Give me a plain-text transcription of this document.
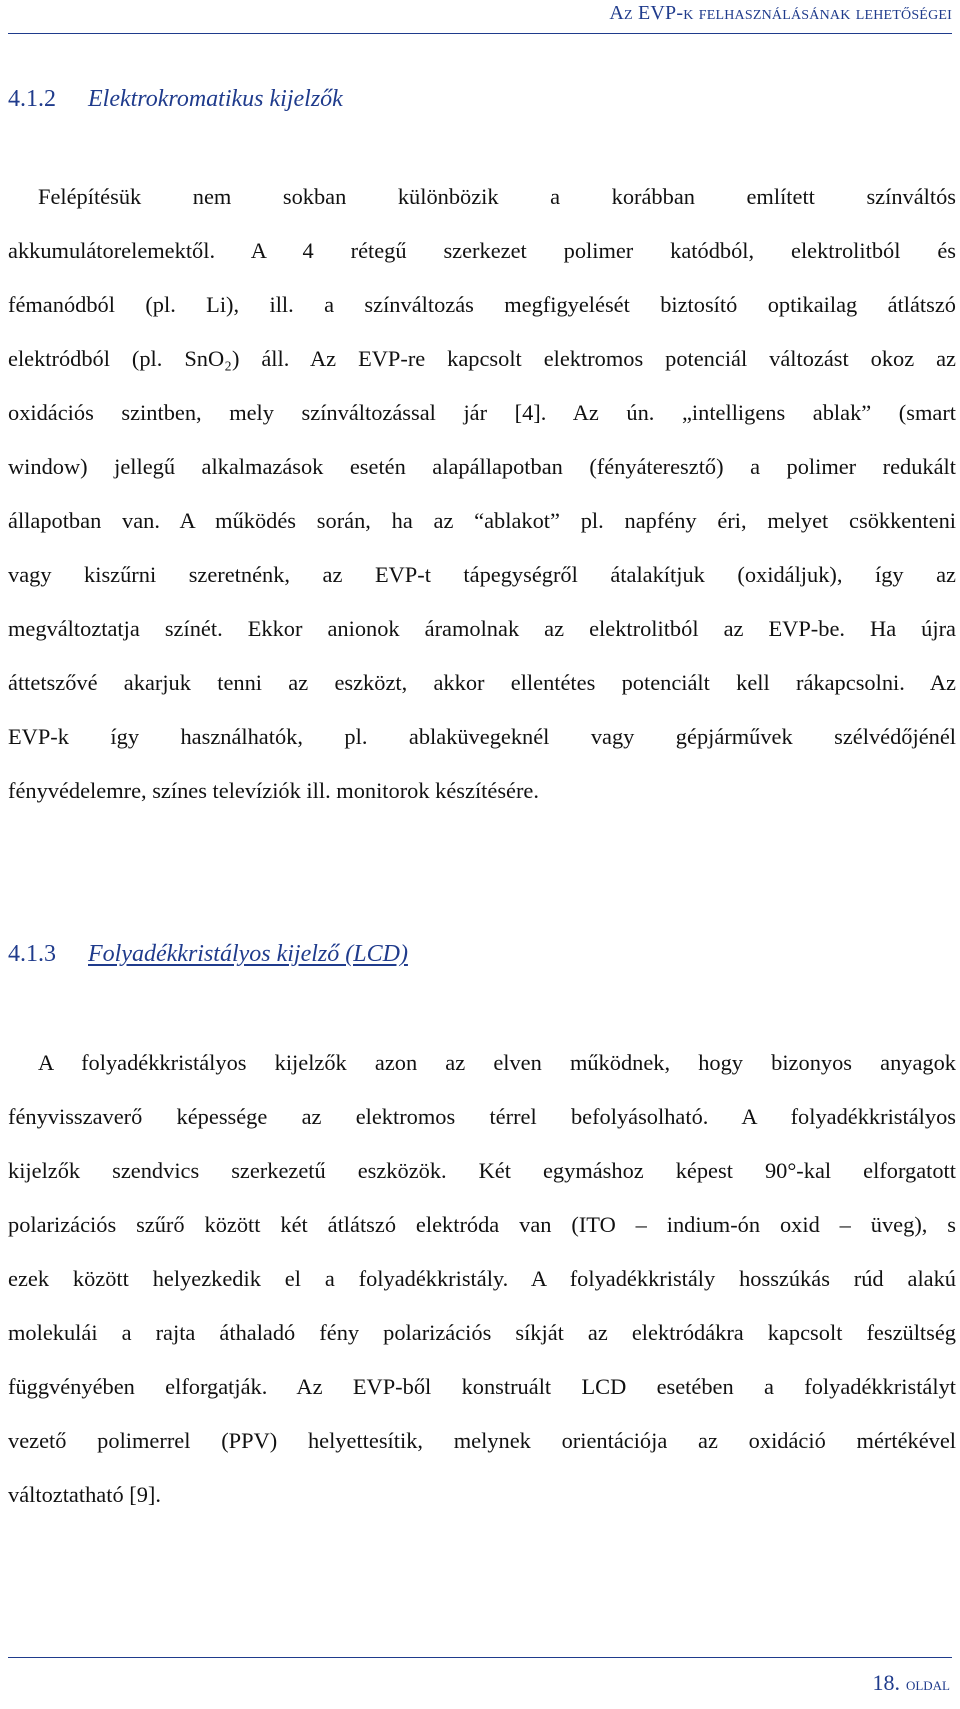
Az EVP-k felhasználásának lehetőségei
4.1.2 Elektrokromatikus kijelzők
Felépítésük nem sokban különbözik a korábban említett színváltós
akkumulátorelemektől. A 4 rétegű szerkezet polimer katódból, elektrolitból és
fémanódból (pl. Li), ill. a színváltozás megfigyelését biztosító optikailag átlátszó
elektródból (pl. SnO₂) áll. Az EVP-re kapcsolt elektromos potenciál változást okoz az
oxidációs szintben, mely színváltozással jár [4]. Az ún. „intelligens ablak” (smart
window) jellegű alkalmazások esetén alapállapotban (fényáteresztő) a polimer redukált
állapotban van. A működés során, ha az “ablakot” pl. napfény éri, melyet csökkenteni
vagy kiszűrni szeretnénk, az EVP-t tápegységről átalakítjuk (oxidáljuk), így az
megváltoztatja színét. Ekkor anionok áramolnak az elektrolitból az EVP-be. Ha újra
áttetszővé akarjuk tenni az eszközt, akkor ellentétes potenciált kell rákapcsolni. Az
EVP-k így használhatók, pl. ablaküvegeknél vagy gépjárművek szélvédőjénél
fényvédelemre, színes televíziók ill. monitorok készítésére.
4.1.3 Folyadékkristályos kijelző (LCD)
A folyadékkristályos kijelzők azon az elven működnek, hogy bizonyos anyagok
fényvisszaverő képessége az elektromos térrel befolyásolható. A folyadékkristályos
kijelzők szendvics szerkezetű eszközök. Két egymáshoz képest 90°-kal elforgatott
polarizációs szűrő között két átlátszó elektróda van (ITO – indium-ón oxid – üveg), s
ezek között helyezkedik el a folyadékkristály. A folyadékkristály hosszúkás rúd alakú
molekulái a rajta áthaladó fény polarizációs síkját az elektródákra kapcsolt feszültség
függvényében elforgatják. Az EVP-ből konstruált LCD esetében a folyadékkristályt
vezető polimerrel (PPV) helyettesítik, melynek orientációja az oxidáció mértékével
változtatható [9].
18. oldal
